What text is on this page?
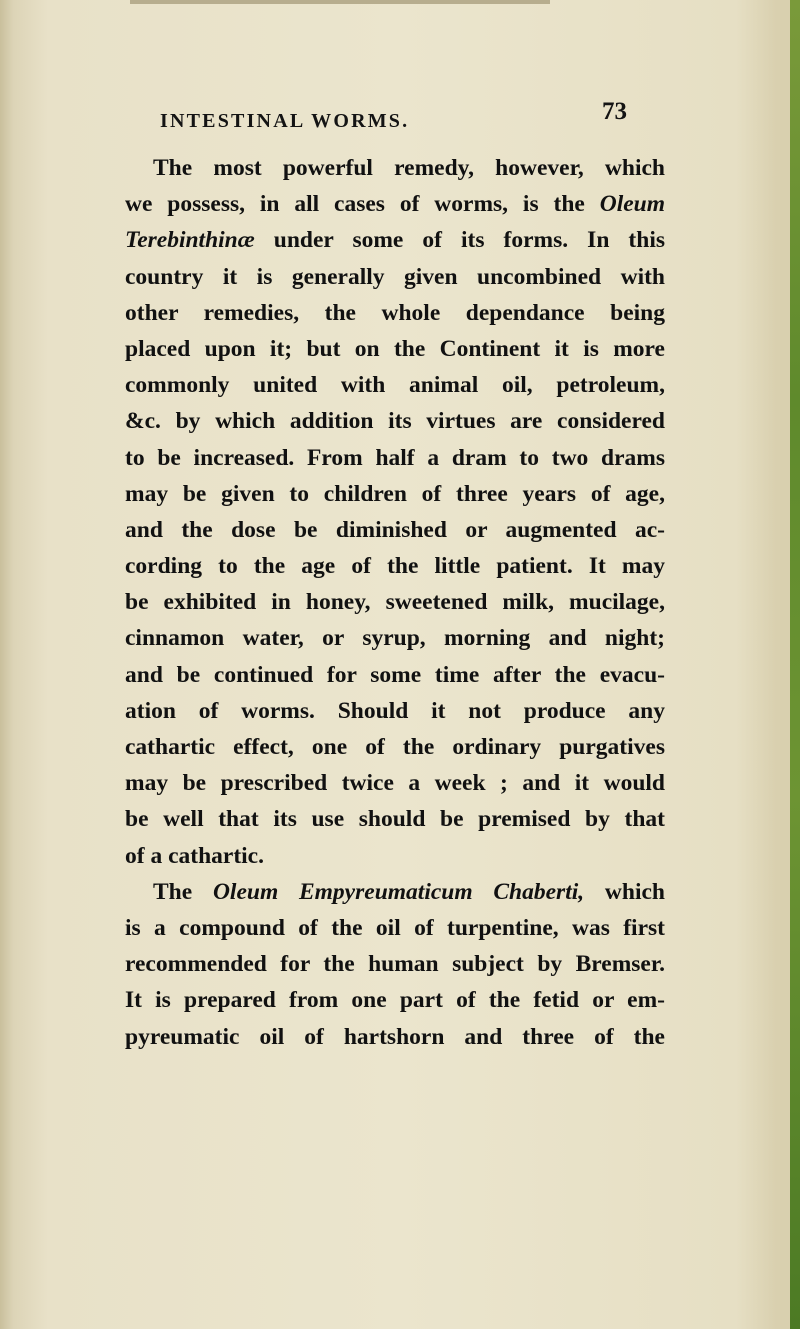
INTESTINAL WORMS.	73
The most powerful remedy, however, which
we possess, in all cases of worms, is the Oleum
Terebinthinæ under some of its forms. In this
country it is generally given uncombined with
other remedies, the whole dependance being
placed upon it; but on the Continent it is more
commonly united with animal oil, petroleum,
&c. by which addition its virtues are considered
to be increased. From half a dram to two drams
may be given to children of three years of age,
and the dose be diminished or augmented ac-
cording to the age of the little patient. It may
be exhibited in honey, sweetened milk, mucilage,
cinnamon water, or syrup, morning and night;
and be continued for some time after the evacu-
ation of worms. Should it not produce any
cathartic effect, one of the ordinary purgatives
may be prescribed twice a week ; and it would
be well that its use should be premised by that
of a cathartic.
The Oleum Empyreumaticum Chaberti, which
is a compound of the oil of turpentine, was first
recommended for the human subject by Bremser.
It is prepared from one part of the fetid or em-
pyreumatic oil of hartshorn and three of the
